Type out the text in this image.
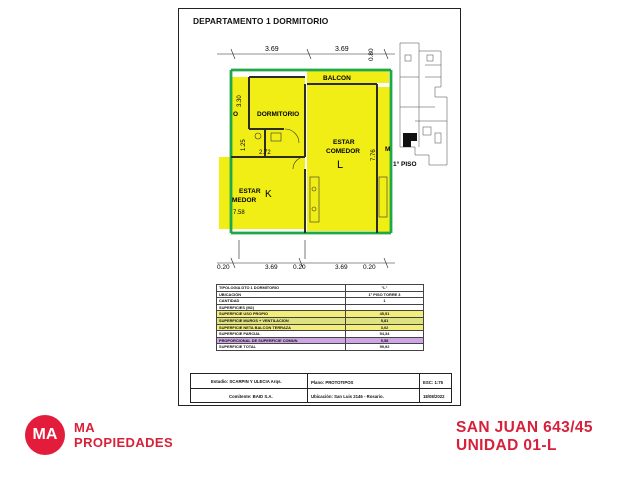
DEPARTAMENTO 1 DORMITORIO
3.69	3.69	0.80
BALCON
DORMITORIO
O
ESTAR
COMEDOR
L
M
ESTAR
MEDOR
K
3.30
1.25
2.72	7.76
7.58
0.20	3.69 0.20	3.69 0.20
1° PISO
TIPOLOGIA DTO 1 DORMITORIO	"L"
UBICACIÓN	1° PISO TORRE 3
CANTIDAD	1
SUPERFICIES (M2)	
SUPERFICIE USO PROPIO	45,51
SUPERFICIE MUROS + VENTILACION	5,81
SUPERFICIE NETA BALCON TERRAZA	3,02
SUPERFICIE PARCIAL	54,34
PROPORCIONAL DE SUPERFICIE COMUN	5,58
SUPERFICIE TOTAL	59,92
Estudio: SCARPIN Y ULECIA Arqs.	Plano: PROTOTIPOS	ESC: 1:75
Comitente: BAID S.A.	Ubicación: San Luis 2146 - Rosario.	18/08/2022
MA	MA
PROPIEDADES
SAN JUAN 643/45
UNIDAD 01-L
